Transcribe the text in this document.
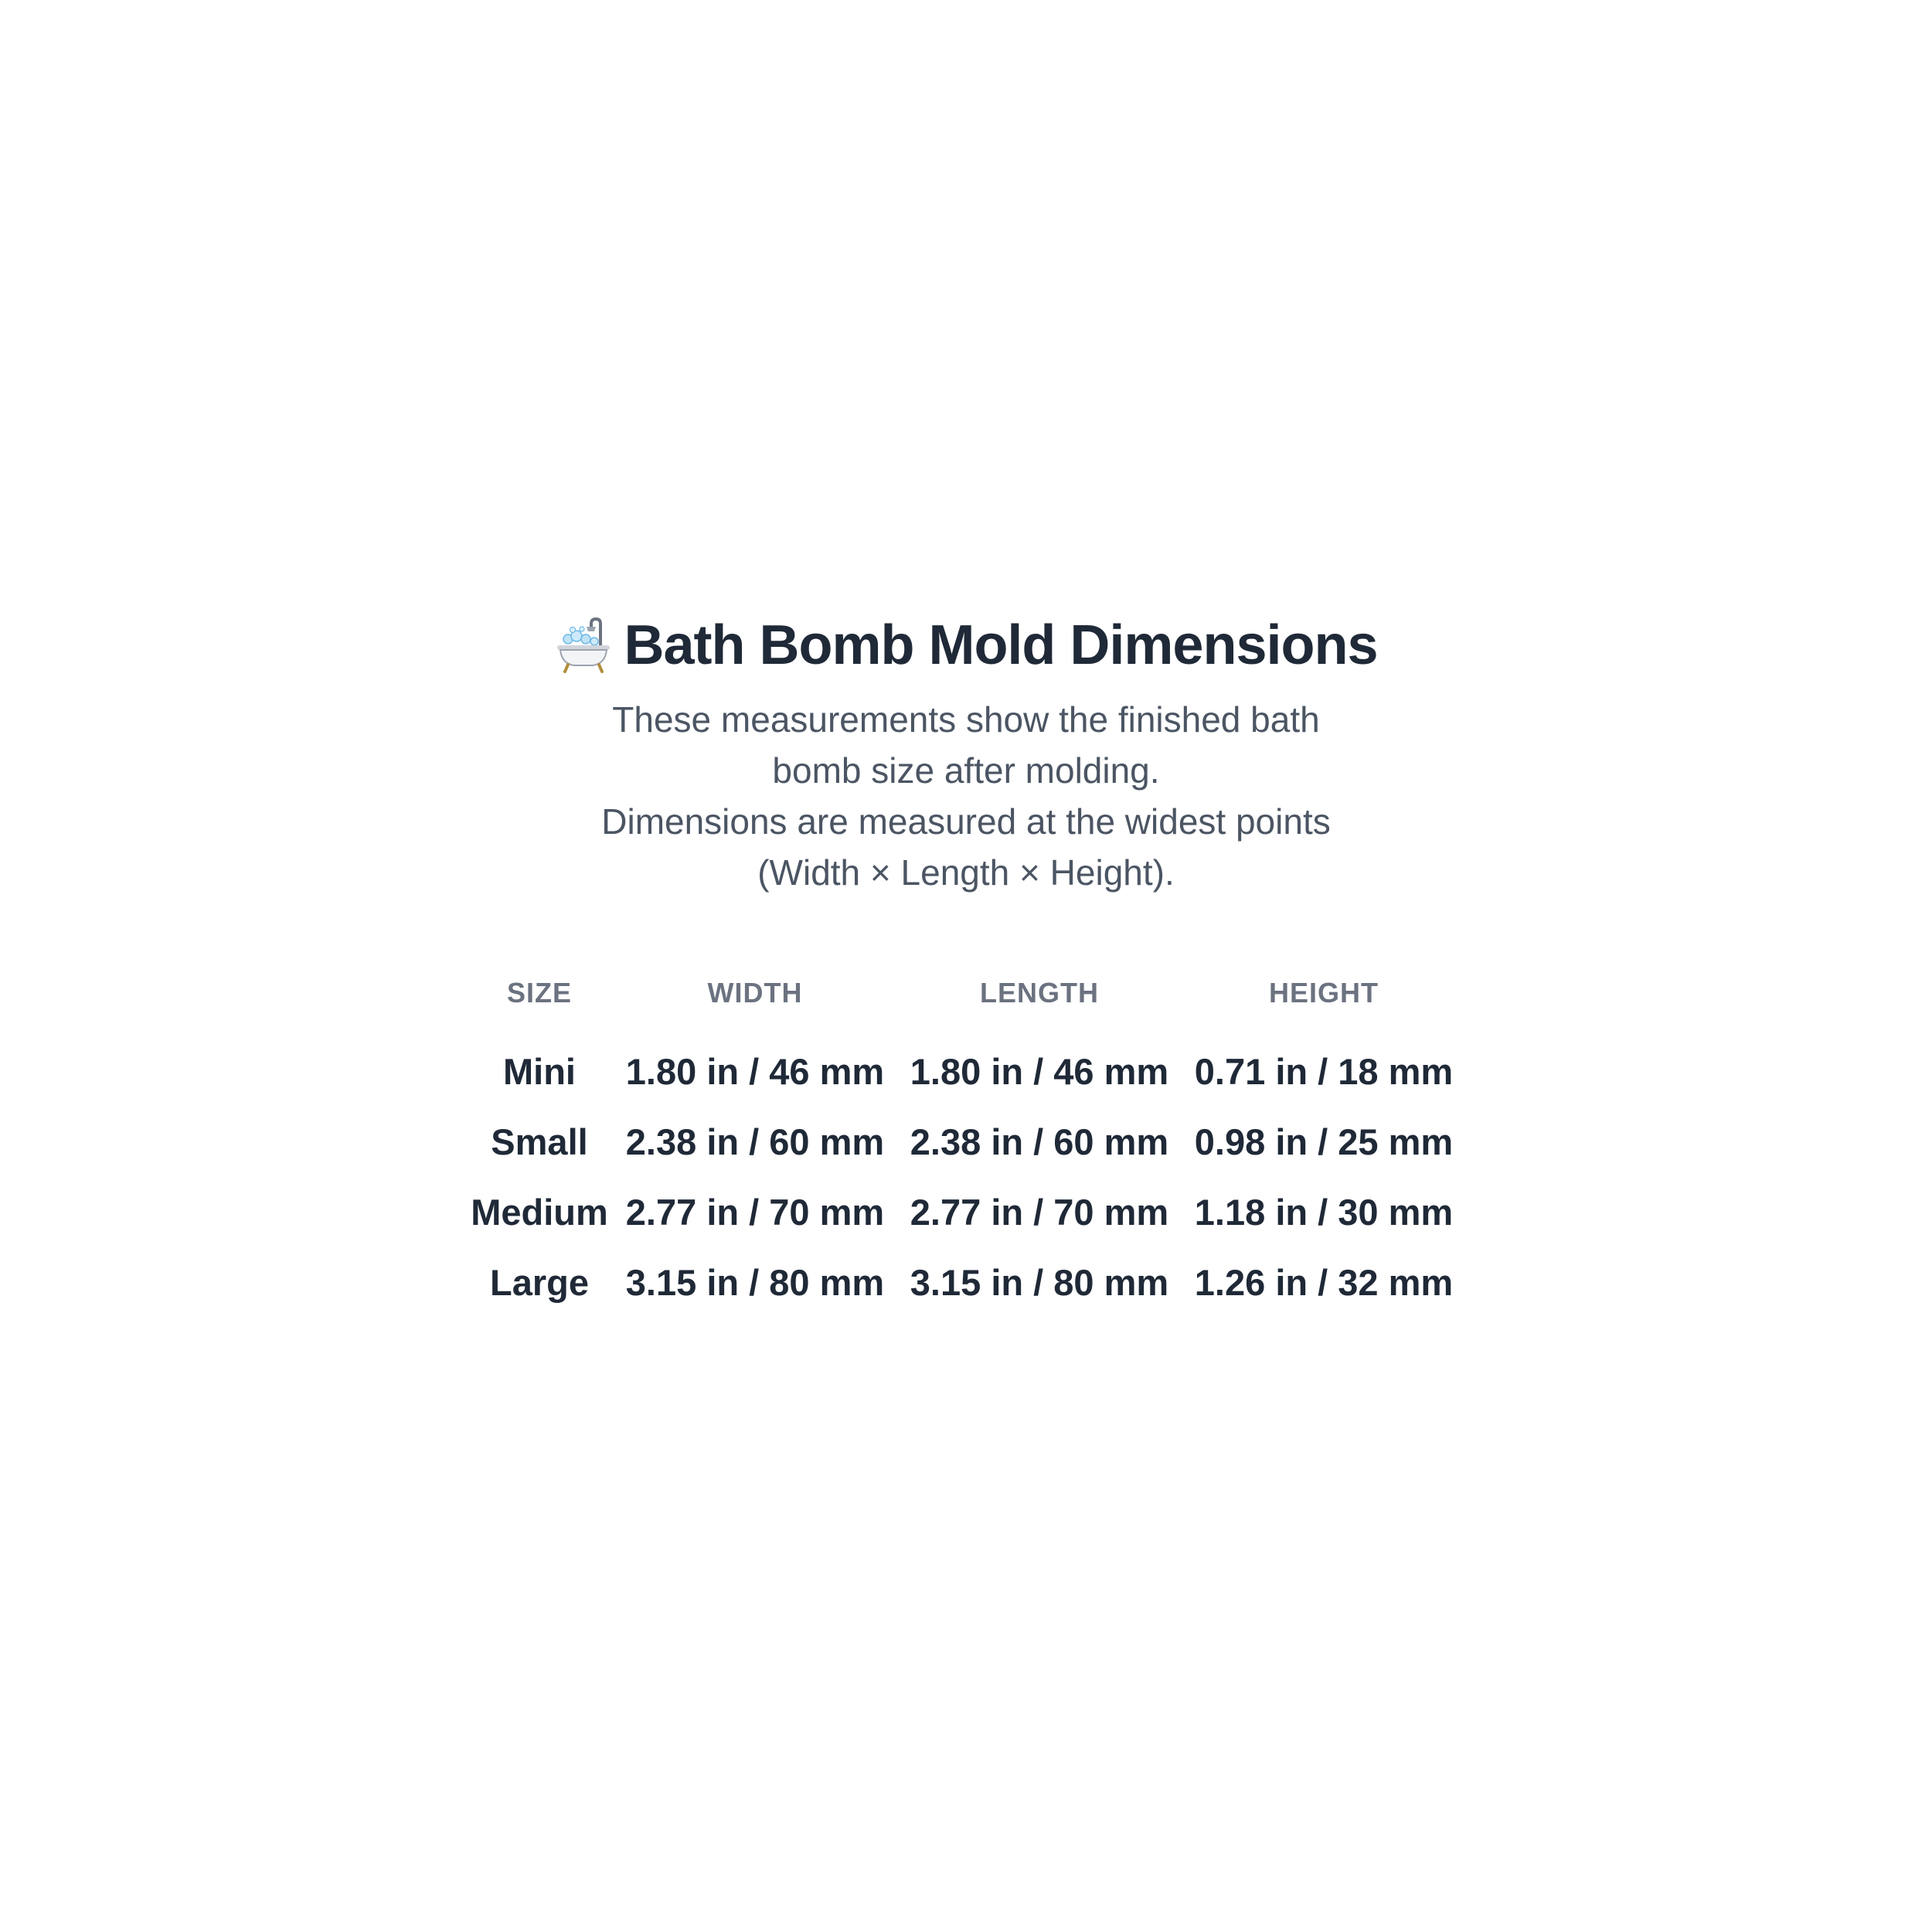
Bath Bomb Mold Dimensions

These measurements show the finished bath
bomb size after molding.
Dimensions are measured at the widest points
(Width × Length × Height).

SIZE	WIDTH	LENGTH	HEIGHT
Mini	1.80 in / 46 mm	1.80 in / 46 mm	0.71 in / 18 mm
Small	2.38 in / 60 mm	2.38 in / 60 mm	0.98 in / 25 mm
Medium	2.77 in / 70 mm	2.77 in / 70 mm	1.18 in / 30 mm
Large	3.15 in / 80 mm	3.15 in / 80 mm	1.26 in / 32 mm
